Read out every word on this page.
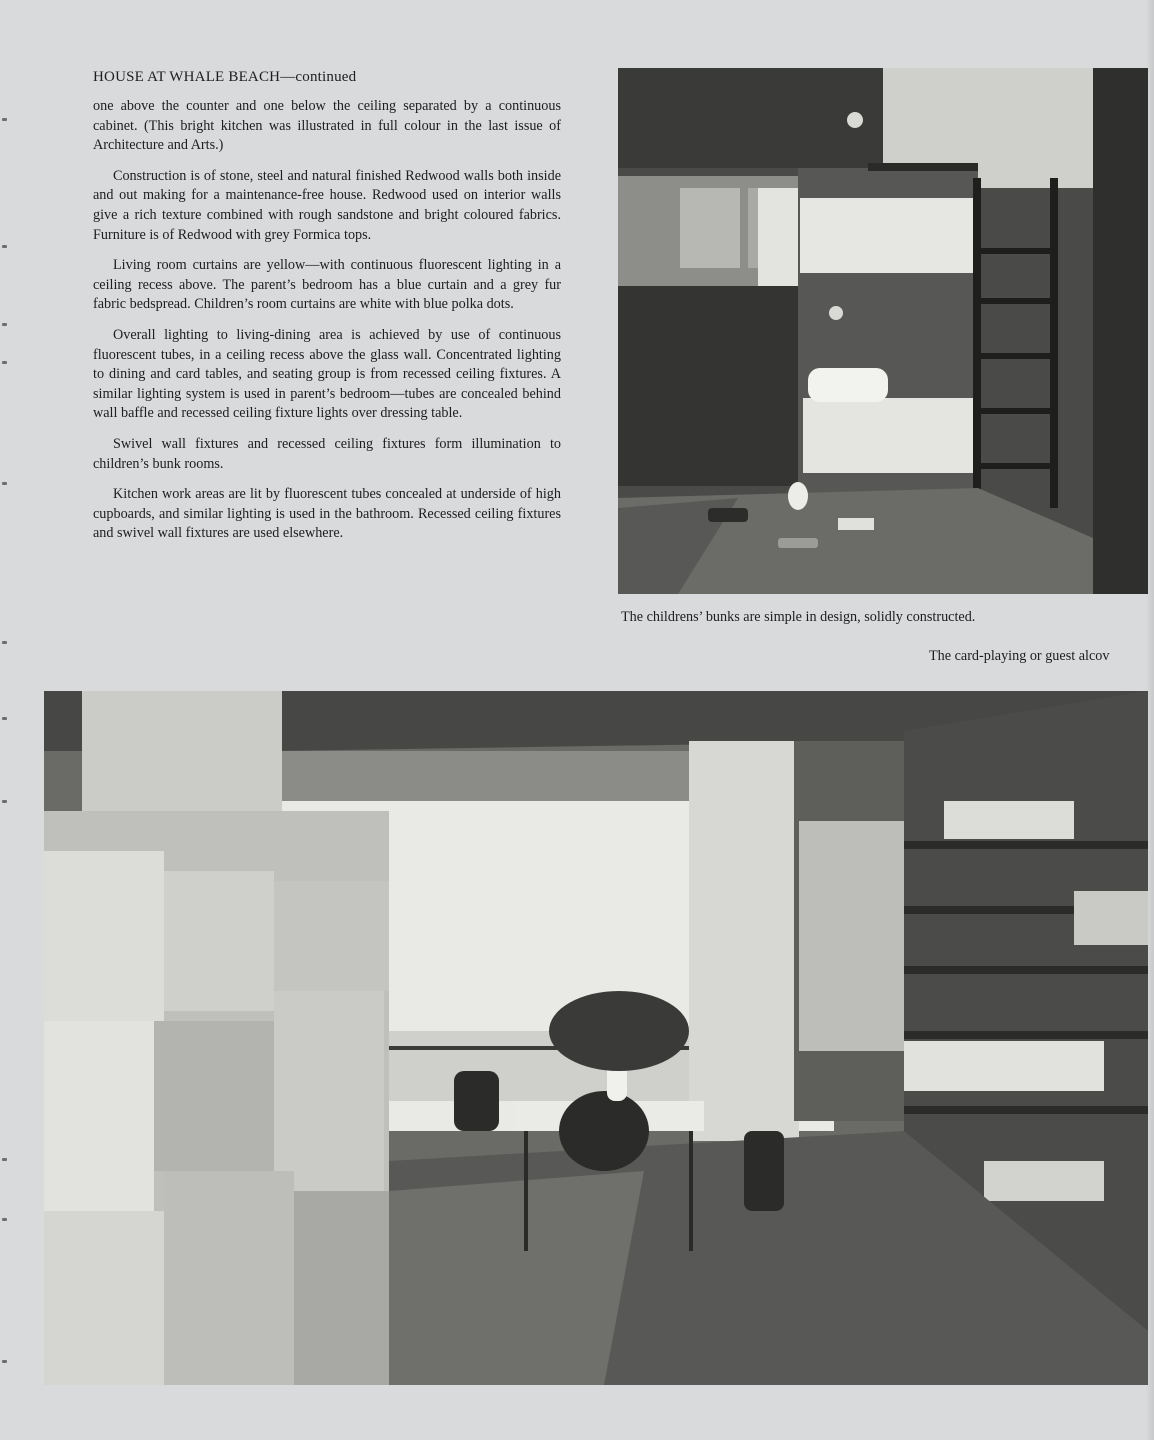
HOUSE AT WHALE BEACH—continued

one above the counter and one below the ceiling separated by a continuous cabinet. (This bright kitchen was illustrated in full colour in the last issue of Architecture and Arts.)

Construction is of stone, steel and natural finished Redwood walls both inside and out making for a maintenance-free house. Redwood used on interior walls give a rich texture combined with rough sandstone and bright coloured fabrics. Furniture is of Redwood with grey Formica tops.

Living room curtains are yellow—with continuous fluorescent lighting in a ceiling recess above. The parent’s bedroom has a blue curtain and a grey fur fabric bedspread. Children’s room curtains are white with blue polka dots.

Overall lighting to living-dining area is achieved by use of continuous fluorescent tubes, in a ceiling recess above the glass wall. Concentrated lighting to dining and card tables, and seating group is from recessed ceiling fixtures. A similar lighting system is used in parent’s bedroom—tubes are concealed behind wall baffle and recessed ceiling fixture lights over dressing table.

Swivel wall fixtures and recessed ceiling fixtures form illumination to children’s bunk rooms.

Kitchen work areas are lit by fluorescent tubes concealed at underside of high cupboards, and similar lighting is used in the bathroom. Recessed ceiling fixtures and swivel wall fixtures are used elsewhere.

The childrens’ bunks are simple in design, solidly constructed.

The card-playing or guest alcov
